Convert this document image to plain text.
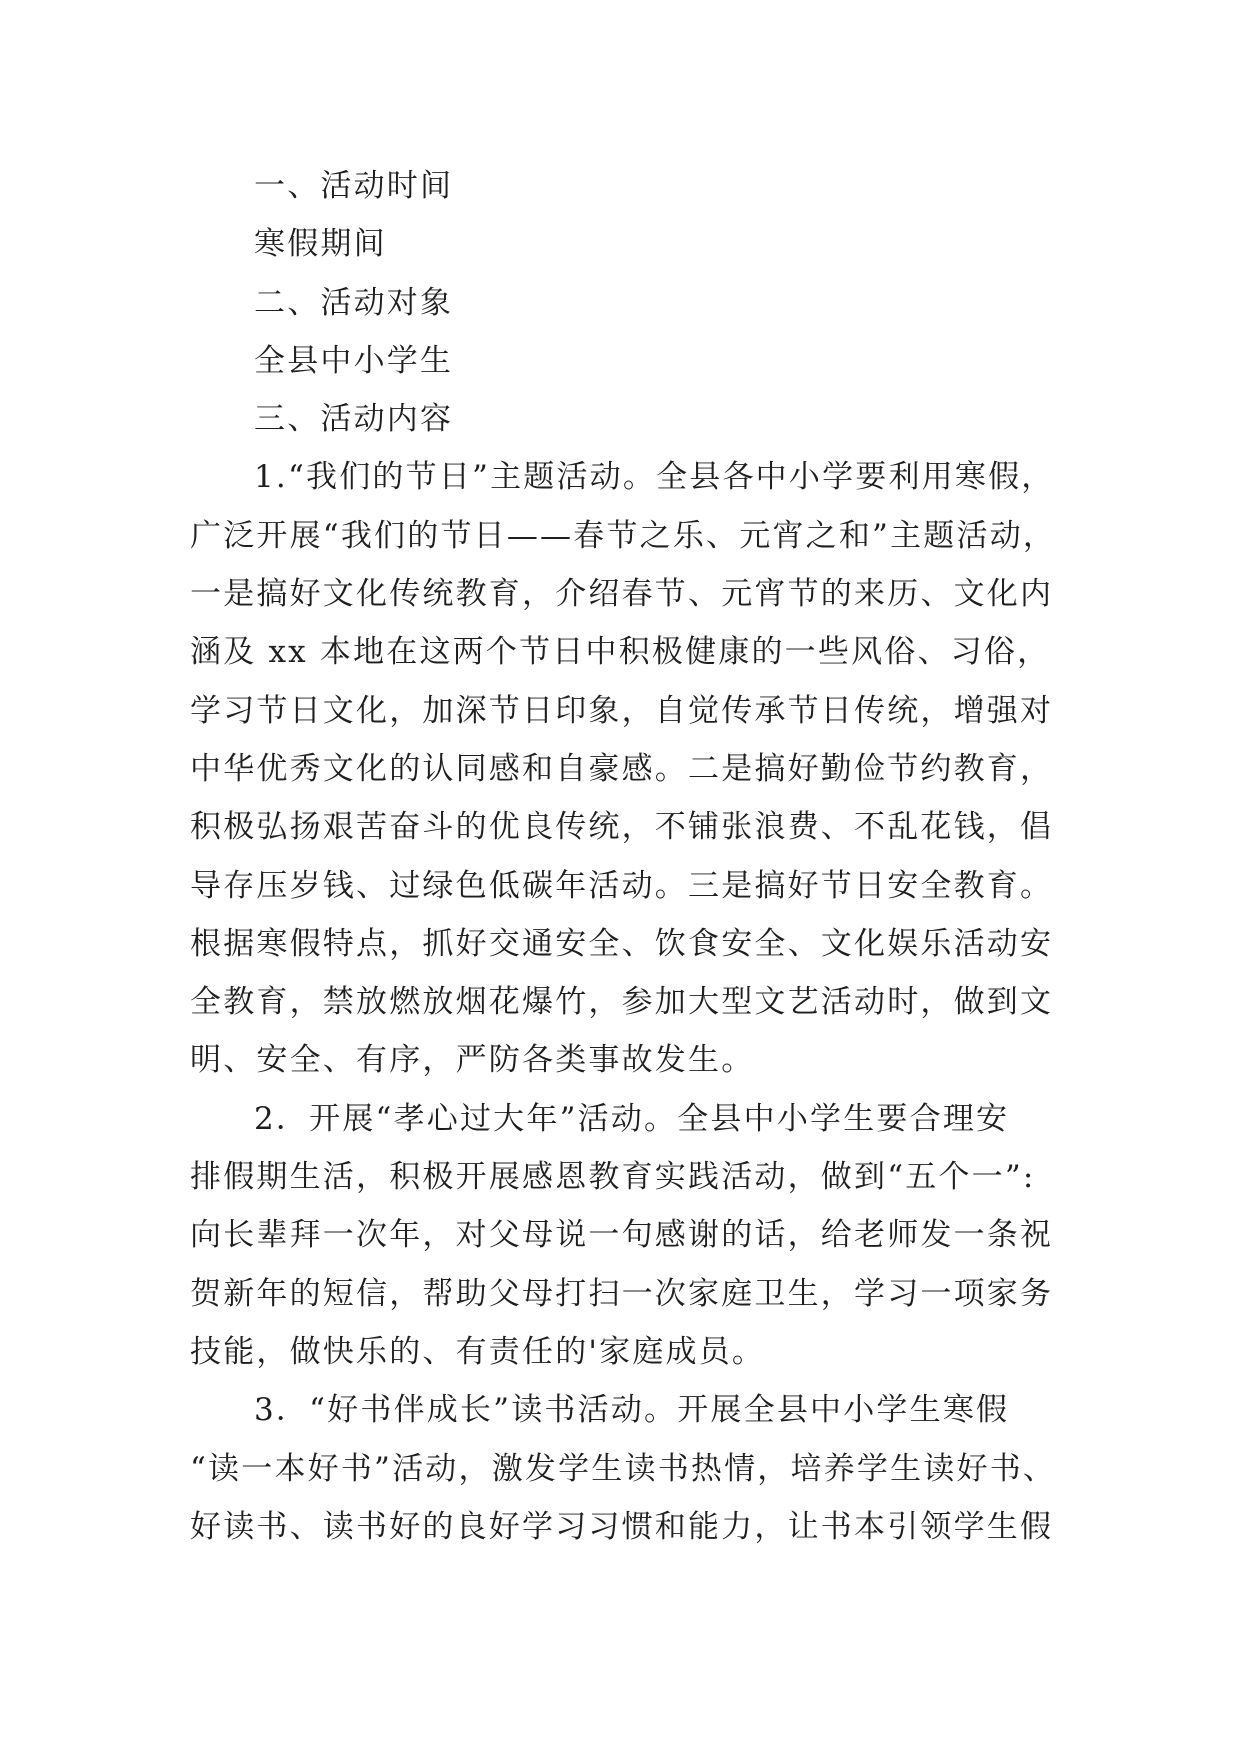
一、活动时间
寒假期间
二、活动对象
全县中小学生
三、活动内容
1.“我们的节日”主题活动。全县各中小学要利用寒假，
广泛开展“我们的节日——春节之乐、元宵之和”主题活动，
一是搞好文化传统教育，介绍春节、元宵节的来历、文化内
涵及 xx 本地在这两个节日中积极健康的一些风俗、习俗，
学习节日文化，加深节日印象，自觉传承节日传统，增强对
中华优秀文化的认同感和自豪感。二是搞好勤俭节约教育，
积极弘扬艰苦奋斗的优良传统，不铺张浪费、不乱花钱，倡
导存压岁钱、过绿色低碳年活动。三是搞好节日安全教育。
根据寒假特点，抓好交通安全、饮食安全、文化娱乐活动安
全教育，禁放燃放烟花爆竹，参加大型文艺活动时，做到文
明、安全、有序，严防各类事故发生。
2．开展“孝心过大年”活动。全县中小学生要合理安
排假期生活，积极开展感恩教育实践活动，做到“五个一”:
向长辈拜一次年，对父母说一句感谢的话，给老师发一条祝
贺新年的短信，帮助父母打扫一次家庭卫生，学习一项家务
技能，做快乐的、有责任的'家庭成员。
3．“好书伴成长”读书活动。开展全县中小学生寒假
“读一本好书”活动，激发学生读书热情，培养学生读好书、
好读书、读书好的良好学习习惯和能力，让书本引领学生假
